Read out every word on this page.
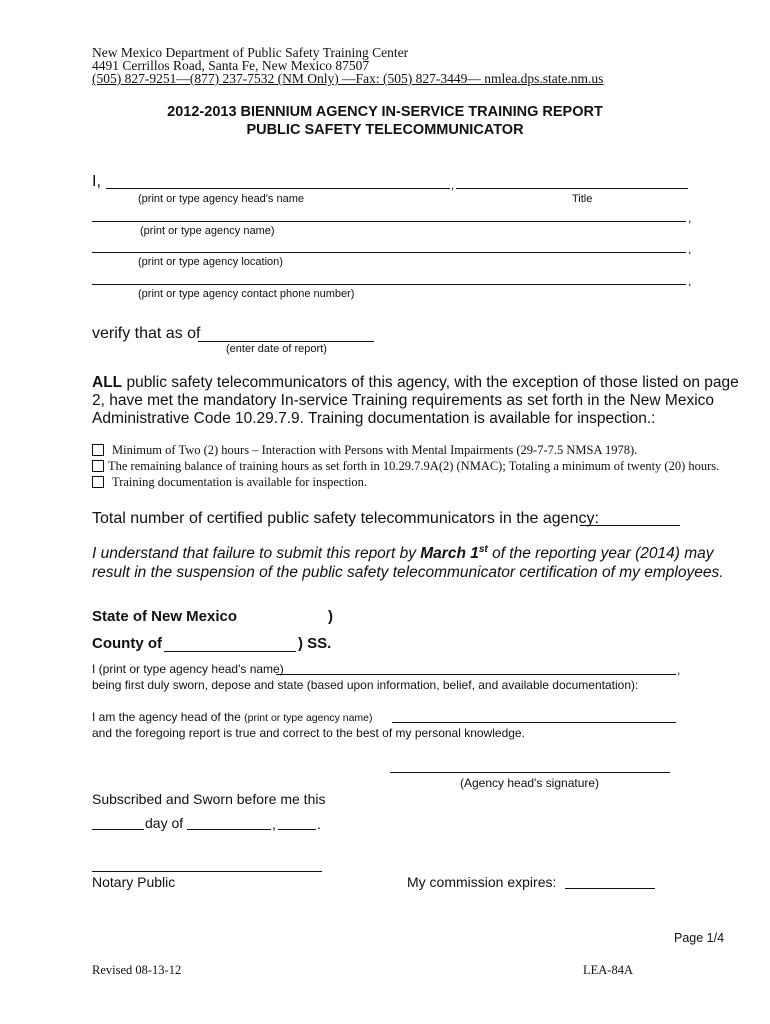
New Mexico Department of Public Safety Training Center
4491 Cerrillos Road, Santa Fe, New Mexico 87507
(505) 827-9251—(877) 237-7532 (NM Only) —Fax: (505) 827-3449— nmlea.dps.state.nm.us
2012-2013 BIENNIUM AGENCY IN-SERVICE TRAINING REPORT
PUBLIC SAFETY TELECOMMUNICATOR
I,	,
(print or type agency head's name	Title
,
(print or type agency name)
,
(print or type agency location)
,
(print or type agency contact phone number)
verify that as of
(enter date of report)
ALL public safety telecommunicators of this agency, with the exception of those listed on page
2, have met the mandatory In-service Training requirements as set forth in the New Mexico
Administrative Code 10.29.7.9. Training documentation is available for inspection.:
Minimum of Two (2) hours – Interaction with Persons with Mental Impairments (29-7-7.5 NMSA 1978).
The remaining balance of training hours as set forth in 10.29.7.9A(2) (NMAC); Totaling a minimum of twenty (20) hours.
Training documentation is available for inspection.
Total number of certified public safety telecommunicators in the agency:
I understand that failure to submit this report by March 1st of the reporting year (2014) may
result in the suspension of the public safety telecommunicator certification of my employees.
State of New Mexico	)
County of	) SS.
I (print or type agency head's name)	,
being first duly sworn, depose and state (based upon information, belief, and available documentation):
I am the agency head of the (print or type agency name)
and the foregoing report is true and correct to the best of my personal knowledge.
(Agency head's signature)
Subscribed and Sworn before me this
day of	,	.
Notary Public	My commission expires:
Page 1/4
Revised 08-13-12	LEA-84A
